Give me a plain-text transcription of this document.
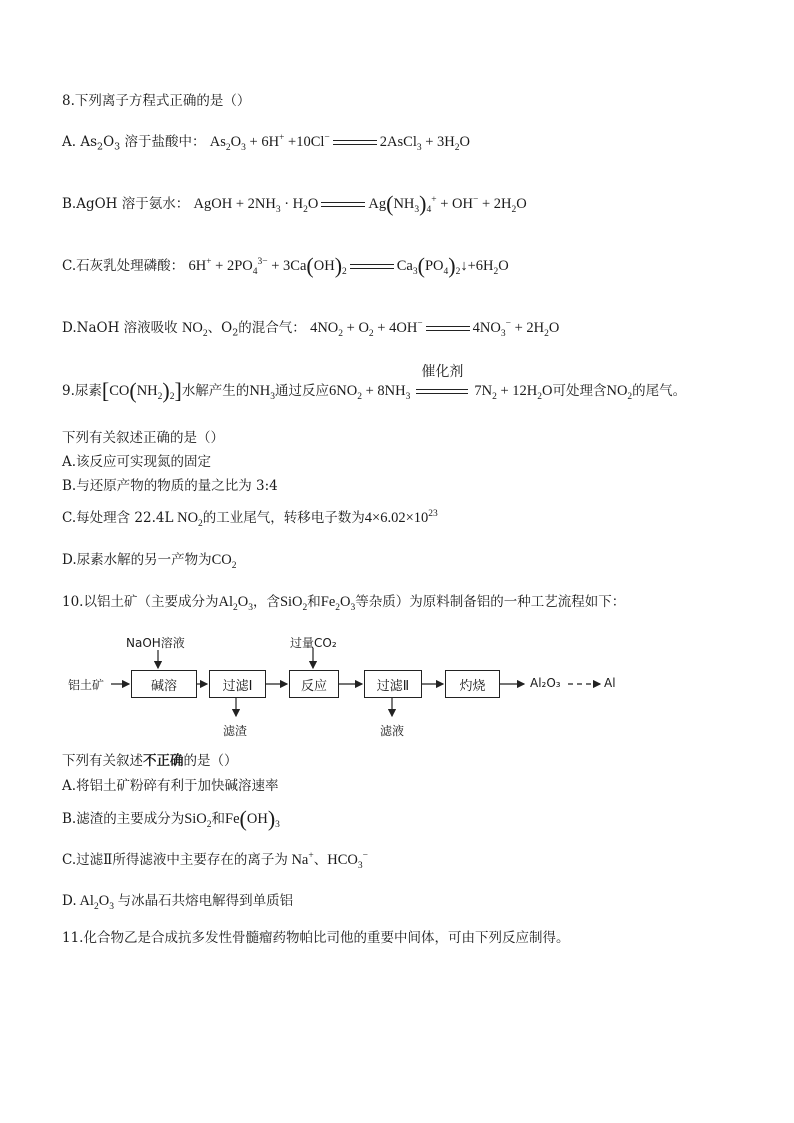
8.下列离子方程式正确的是（）
A. $As_2O_3$ 溶于盐酸中： $As_2O_3 + 6H^+ +10Cl^-$	2AsCl$_3$ + $3H_2O$
B.AgOH 溶于氨水： AgOH + $2NH_3 \cdot H_2O$	$Ag(NH_3)_4^+ + OH^- + 2H_2O$
C.石灰乳处理磷酸： $6H^+ + 2PO_4^{3-} + 3Ca(OH)_2$	$Ca_3(PO_4)_2↓+6H_2O$
D.NaOH 溶液吸收 $NO_2$、$O_2$的混合气： $4NO_2 + O_2 + 4OH^-$	$4NO_3^- + 2H_2O$
9.尿素$[CO(NH_2)_2]$水解产生的$NH_3$通过反应$6NO_2 + 8NH_3$
催化剂
$7N_2 + 12H_2O$可处理含$NO_2$的尾气。
下列有关叙述正确的是（）
A.该反应可实现氮的固定
B.与还原产物的物质的量之比为 3:4
C.每处理含 22.4L $NO_2$的工业尾气，转移电子数为$4\times 6.02\times 10^{23}$
D.尿素水解的另一产物为$CO_2$
10.以铝土矿（主要成分为$Al_2O_3$，含SiO$_2$和$Fe_2O_3$等杂质）为原料制备铝的一种工艺流程如下：
NaOH溶液	过量CO₂
铝土矿	碱溶	过滤Ⅰ	反应	过滤Ⅱ	灼烧
滤渣	滤液
Al₂O₃	Al
下列有关叙述不正确的是（）
A.将铝土矿粉碎有利于加快碱溶速率
B.滤渣的主要成分为SiO$_2$和$Fe(OH)_3$
C.过滤Ⅱ所得滤液中主要存在的离子为 Na+、$HCO_3^-$
D. $Al_2O_3$ 与冰晶石共熔电解得到单质铝
11.化合物乙是合成抗多发性骨髓瘤药物帕比司他的重要中间体，可由下列反应制得。
